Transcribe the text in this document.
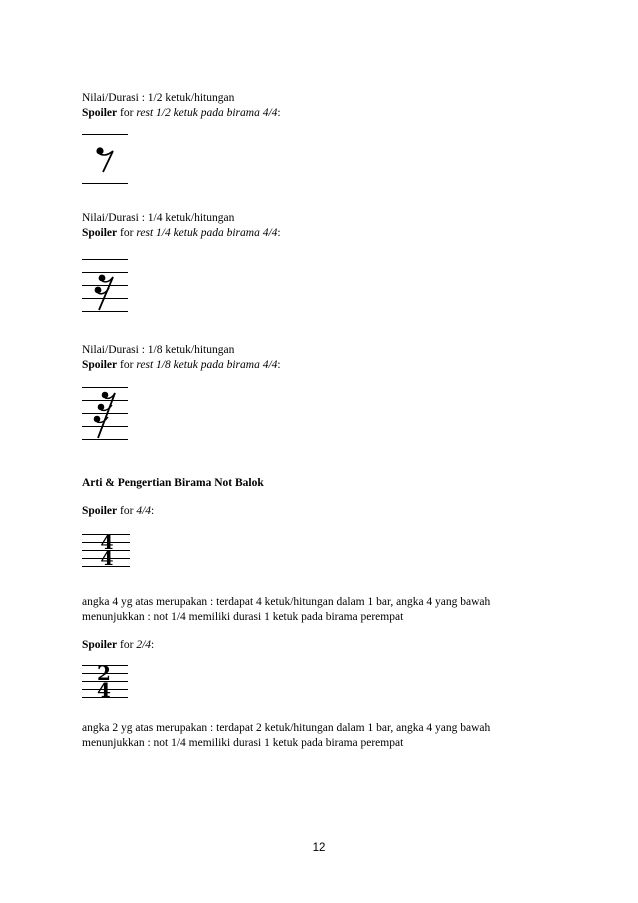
Nilai/Durasi : 1/2 ketuk/hitungan
Spoiler for rest 1/2 ketuk pada birama 4/4:
Nilai/Durasi : 1/4 ketuk/hitungan
Spoiler for rest 1/4 ketuk pada birama 4/4:
Nilai/Durasi : 1/8 ketuk/hitungan
Spoiler for rest 1/8 ketuk pada birama 4/4:
Arti & Pengertian Birama Not Balok
Spoiler for 4/4:
4
4
angka 4 yg atas merupakan : terdapat 4 ketuk/hitungan dalam 1 bar, angka 4 yang bawah menunjukkan : not 1/4 memiliki durasi 1 ketuk pada birama perempat
Spoiler for 2/4:
2
4
angka 2 yg atas merupakan : terdapat 2 ketuk/hitungan dalam 1 bar, angka 4 yang bawah menunjukkan : not 1/4 memiliki durasi 1 ketuk pada birama perempat
12
